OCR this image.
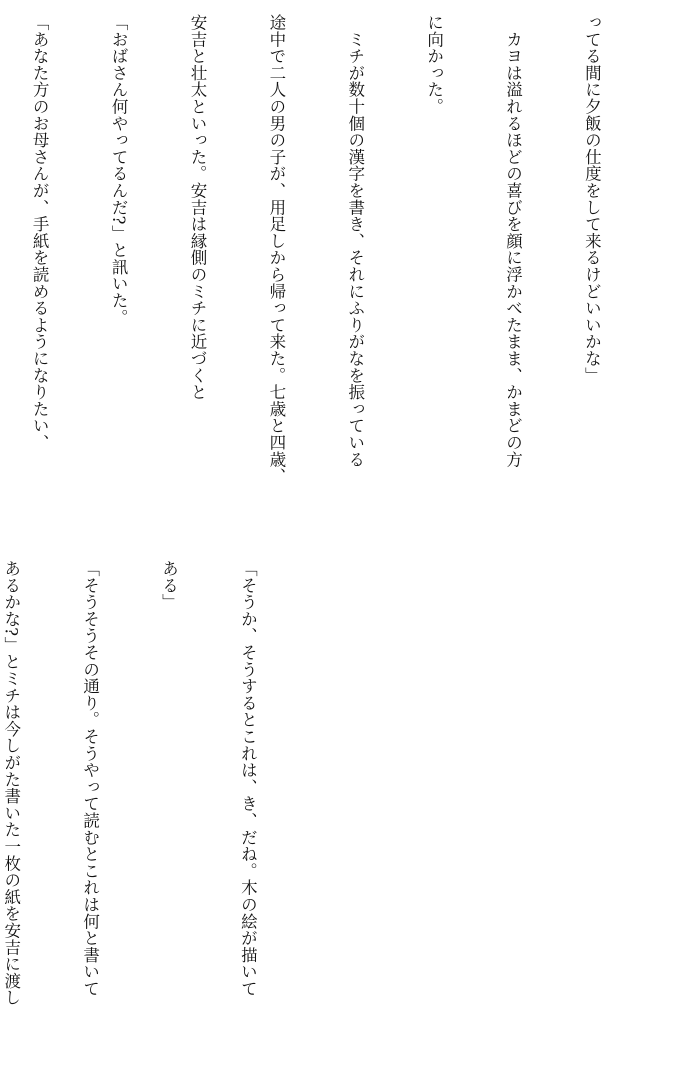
ってる間に夕飯の仕度をして来るけどいいかな」

　カヨは溢れるほどの喜びを顔に浮かべたまま、かまどの方

に向かった。

　ミチが数十個の漢字を書き、それにふりがなを振っている

途中で二人の男の子が、用足しから帰って来た。七歳と四歳、

安吉と壮太といった。安吉は縁側のミチに近づくと

「おばさん何やってるんだ?」と訊いた。

「あなた方のお母さんが、手紙を読めるようになりたい、

「そうか、そうするとこれは、き、だね。木の絵が描いて

ある」

「そうそうその通り。そうやって読むとこれは何と書いて

あるかな?」とミチは今しがた書いた一枚の紙を安吉に渡し
